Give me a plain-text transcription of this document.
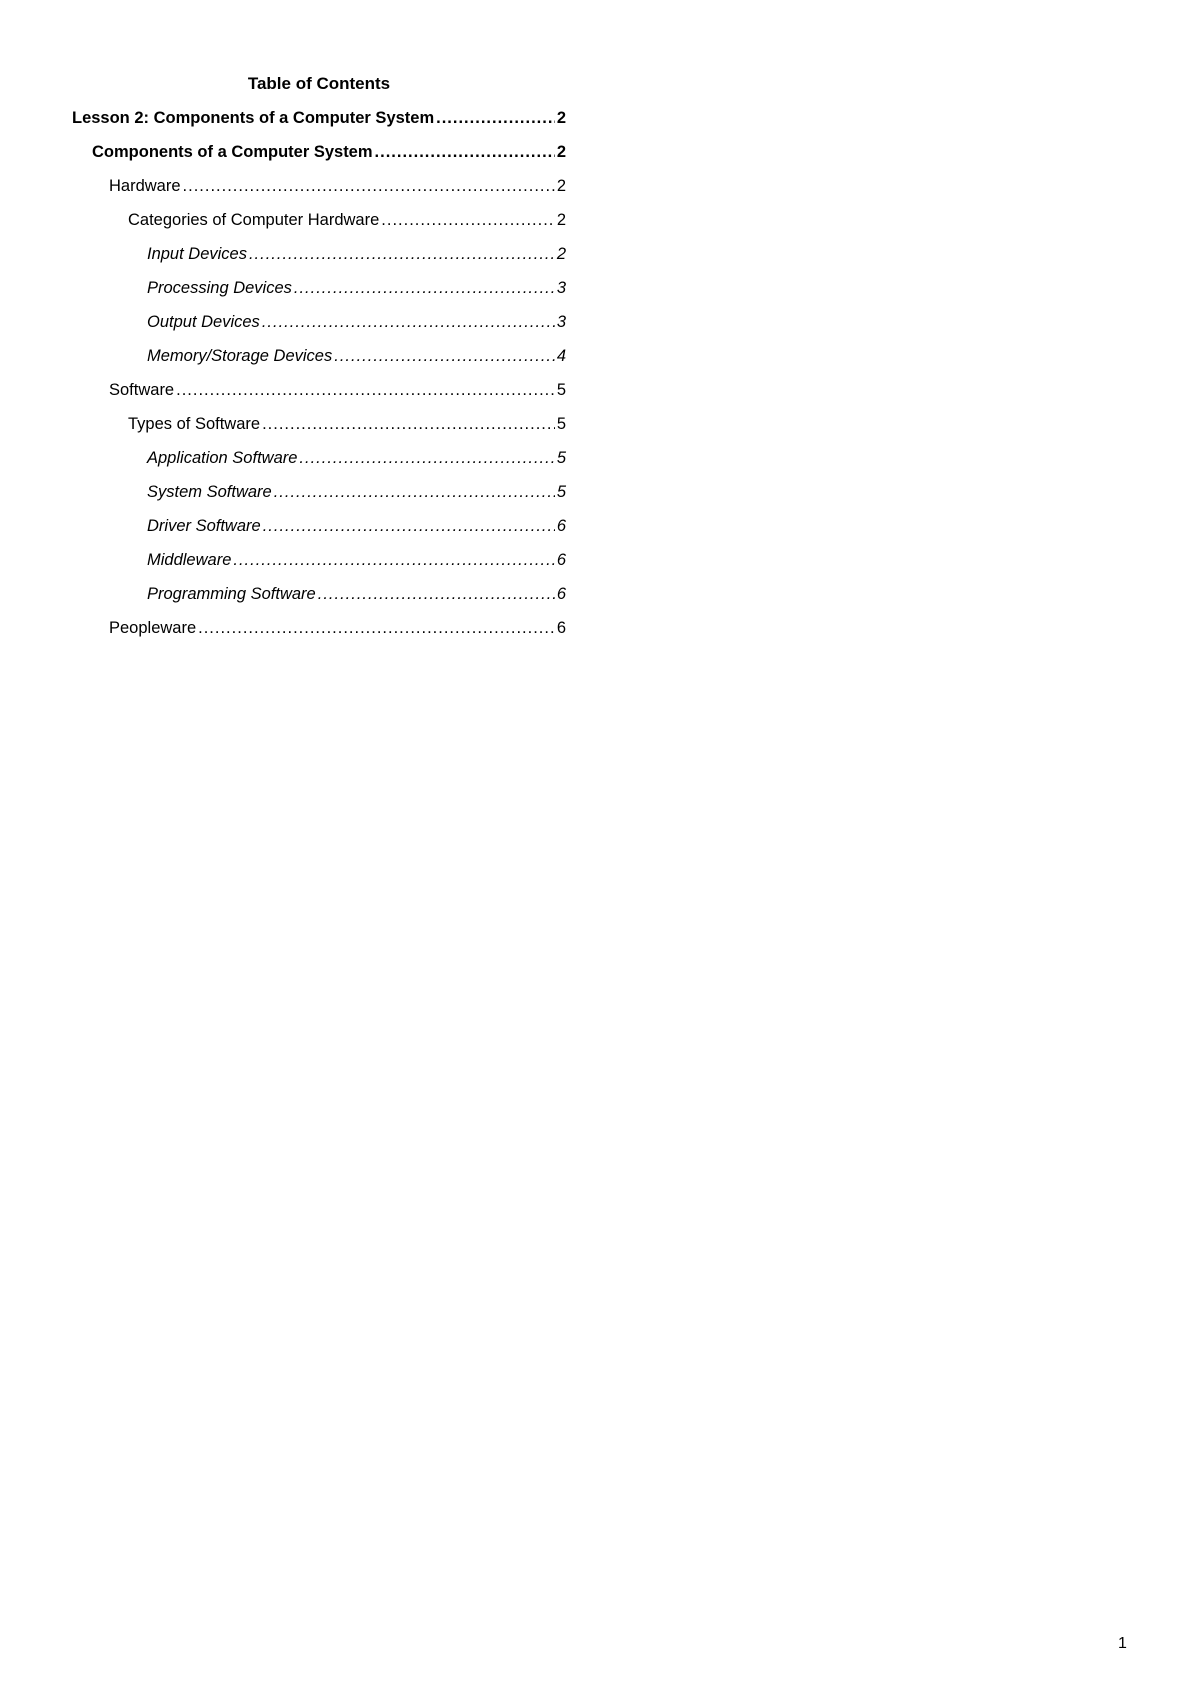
Table of Contents
Lesson 2: Components of a Computer System .....	2
Components of a Computer System .....	2
Hardware .....	2
Categories of Computer Hardware .....	2
Input Devices .....	2
Processing Devices .....	3
Output Devices .....	3
Memory/Storage Devices .....	4
Software .....	5
Types of Software .....	5
Application Software .....	5
System Software .....	5
Driver Software .....	6
Middleware .....	6
Programming Software .....	6
Peopleware .....	6
1
